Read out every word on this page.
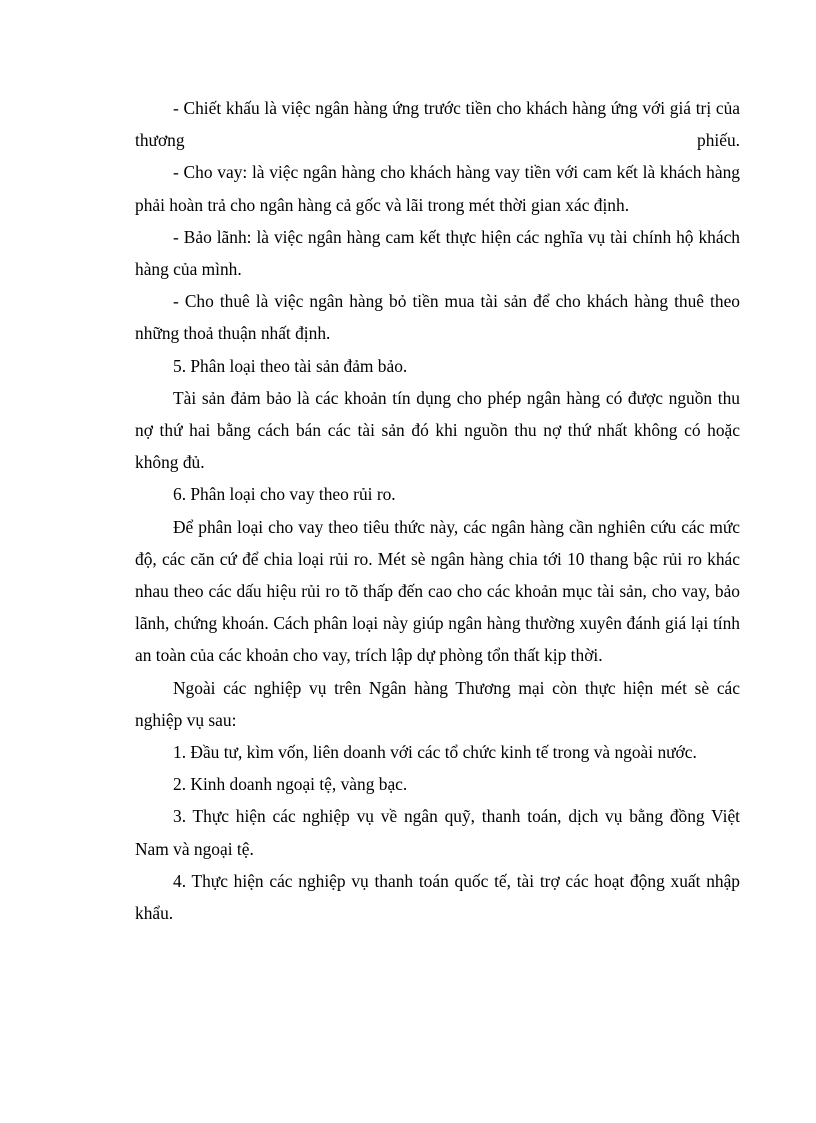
- Chiết khấu là việc ngân hàng ứng trước tiền cho khách hàng ứng với giá trị của thương phiếu.

- Cho vay: là việc ngân hàng cho khách hàng vay tiền với cam kết là khách hàng phải hoàn trả cho ngân hàng cả gốc và lãi trong mét thời gian xác định.

- Bảo lãnh: là việc ngân hàng cam kết thực hiện các nghĩa vụ tài chính hộ khách hàng của mình.

- Cho thuê là việc ngân hàng bỏ tiền mua tài sản để cho khách hàng thuê theo những thoả thuận nhất định.

5. Phân loại theo tài sản đảm bảo.

Tài sản đảm bảo là các khoản tín dụng cho phép ngân hàng có được nguồn thu nợ thứ hai bằng cách bán các tài sản đó khi nguồn thu nợ thứ nhất không có hoặc không đủ.

6. Phân loại cho vay theo rủi ro.

Để phân loại cho vay theo tiêu thức này, các ngân hàng cần nghiên cứu các mức độ, các căn cứ để chia loại rủi ro. Mét sè ngân hàng chia tới 10 thang bậc rủi ro khác nhau theo các dấu hiệu rủi ro tõ thấp đến cao cho các khoản mục tài sản, cho vay, bảo lãnh, chứng khoán. Cách phân loại này giúp ngân hàng thường xuyên đánh giá lại tính an toàn của các khoản cho vay, trích lập dự phòng tổn thất kịp thời.

Ngoài các nghiệp vụ trên Ngân hàng Thương mại còn thực hiện mét sè các nghiệp vụ sau:

1. Đầu tư, kìm vốn, liên doanh với các tổ chức kinh tế trong và ngoài nước.

2. Kinh doanh ngoại tệ, vàng bạc.

3. Thực hiện các nghiệp vụ về ngân quỹ, thanh toán, dịch vụ bằng đồng Việt Nam và ngoại tệ.

4. Thực hiện các nghiệp vụ thanh toán quốc tế, tài trợ các hoạt động xuất nhập khẩu.
